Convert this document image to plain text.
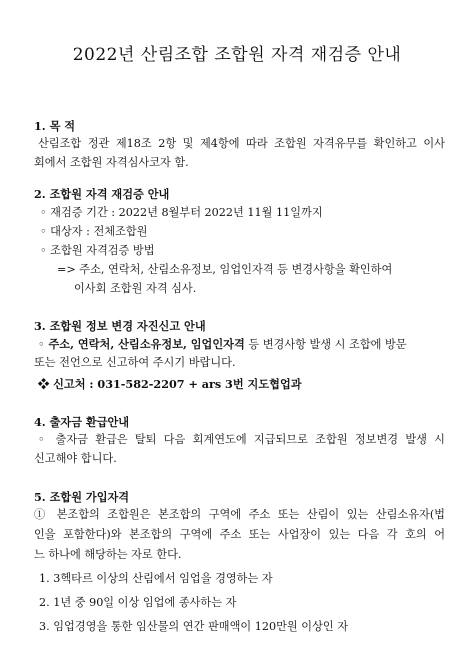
2022년 산림조합 조합원 자격 재검증 안내
1. 목 적
산림조합 정관 제18조 2항 및 제4항에 따라 조합원 자격유무를 확인하고 이사
회에서 조합원 자격심사코자 함.
2. 조합원 자격 재검증 안내
◦ 재검증 기간 : 2022년 8월부터 2022년 11월 11일까지
◦ 대상자 : 전체조합원
◦ 조합원 자격검증 방법
=> 주소, 연락처, 산림소유정보, 임업인자격 등 변경사항을 확인하여
이사회 조합원 자격 심사.
3. 조합원 정보 변경 자진신고 안내
◦ 주소, 연락처, 산림소유정보, 임업인자격 등 변경사항 발생 시 조합에 방문
또는 전언으로 신고하여 주시기 바랍니다.
❖ 신고처 : 031-582-2207 + ars 3번 지도협업과
4. 출자금 환급안내
◦ 출자금 환급은 탈퇴 다음 회계연도에 지급되므로 조합원 정보변경 발생 시
신고해야 합니다.
5. 조합원 가입자격
① 본조합의 조합원은 본조합의 구역에 주소 또는 산림이 있는 산림소유자(법
인을 포함한다)와 본조합의 구역에 주소 또는 사업장이 있는 다음 각 호의 어
느 하나에 해당하는 자로 한다.
1. 3헥타르 이상의 산림에서 임업을 경영하는 자
2. 1년 중 90일 이상 임업에 종사하는 자
3. 임업경영을 통한 임산물의 연간 판매액이 120만원 이상인 자
